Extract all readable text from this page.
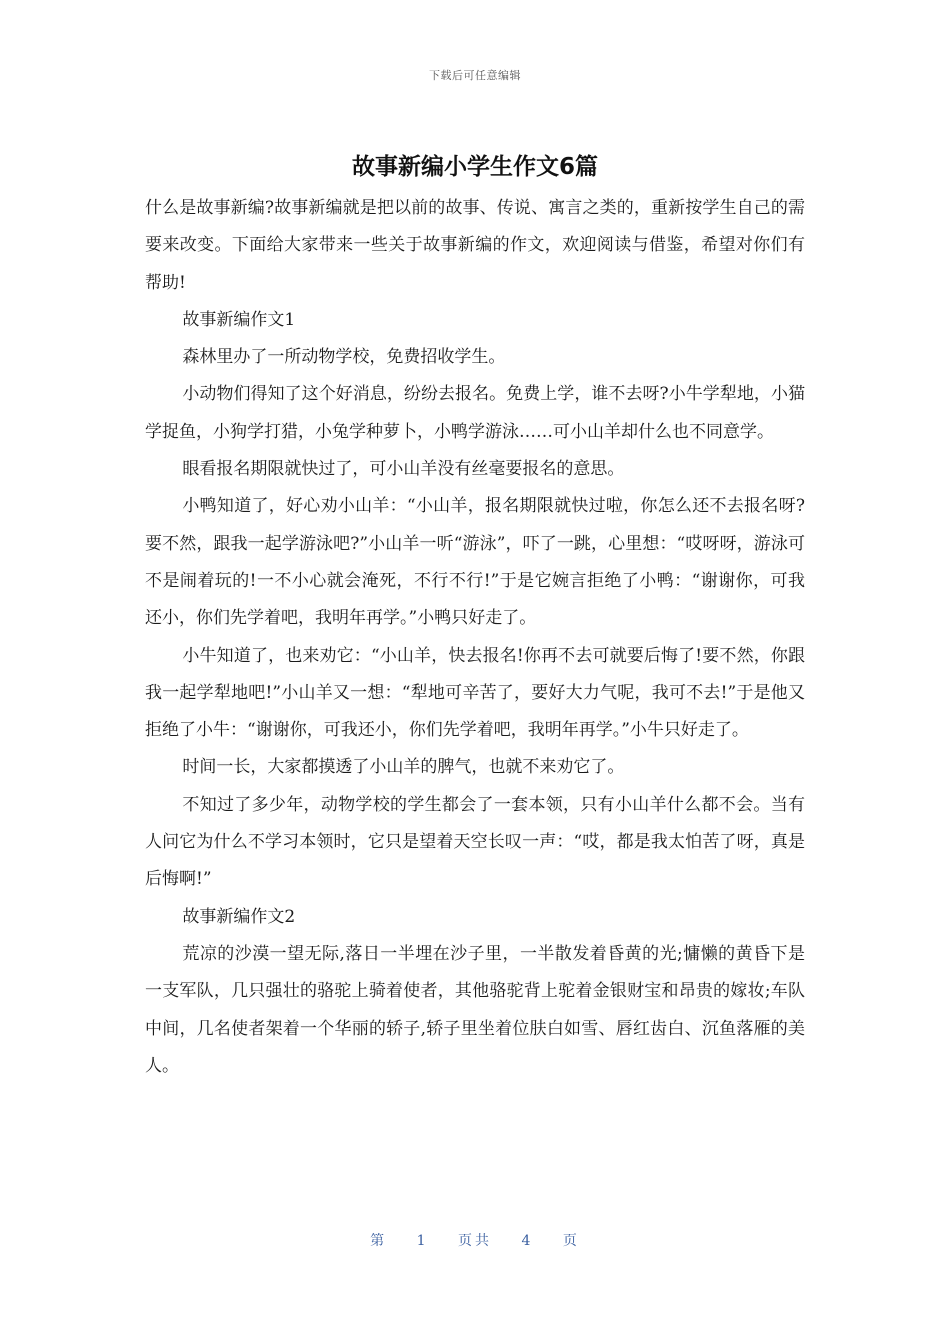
下载后可任意编辑
故事新编小学生作文6篇

什么是故事新编?故事新编就是把以前的故事、传说、寓言之类的，重新按学生自己的需要来改变。下面给大家带来一些关于故事新编的作文，欢迎阅读与借鉴，希望对你们有帮助!

故事新编作文1

森林里办了一所动物学校，免费招收学生。

小动物们得知了这个好消息，纷纷去报名。免费上学，谁不去呀?小牛学犁地，小猫学捉鱼，小狗学打猎，小兔学种萝卜，小鸭学游泳……可小山羊却什么也不同意学。

眼看报名期限就快过了，可小山羊没有丝毫要报名的意思。

小鸭知道了，好心劝小山羊：“小山羊，报名期限就快过啦，你怎么还不去报名呀?要不然，跟我一起学游泳吧?”小山羊一听“游泳”，吓了一跳，心里想：“哎呀呀，游泳可不是闹着玩的!一不小心就会淹死，不行不行!”于是它婉言拒绝了小鸭：“谢谢你，可我还小，你们先学着吧，我明年再学。”小鸭只好走了。

小牛知道了，也来劝它：“小山羊，快去报名!你再不去可就要后悔了!要不然，你跟我一起学犁地吧!”小山羊又一想：“犁地可辛苦了，要好大力气呢，我可不去!”于是他又拒绝了小牛：“谢谢你，可我还小，你们先学着吧，我明年再学。”小牛只好走了。

时间一长，大家都摸透了小山羊的脾气，也就不来劝它了。

不知过了多少年，动物学校的学生都会了一套本领，只有小山羊什么都不会。当有人问它为什么不学习本领时，它只是望着天空长叹一声：“哎，都是我太怕苦了呀，真是后悔啊!”

故事新编作文2

荒凉的沙漠一望无际,落日一半埋在沙子里，一半散发着昏黄的光;慵懒的黄昏下是一支军队，几只强壮的骆驼上骑着使者，其他骆驼背上驼着金银财宝和昂贵的嫁妆;车队中间，几名使者架着一个华丽的轿子,轿子里坐着位肤白如雪、唇红齿白、沉鱼落雁的美人。

第 1 页共 4 页
